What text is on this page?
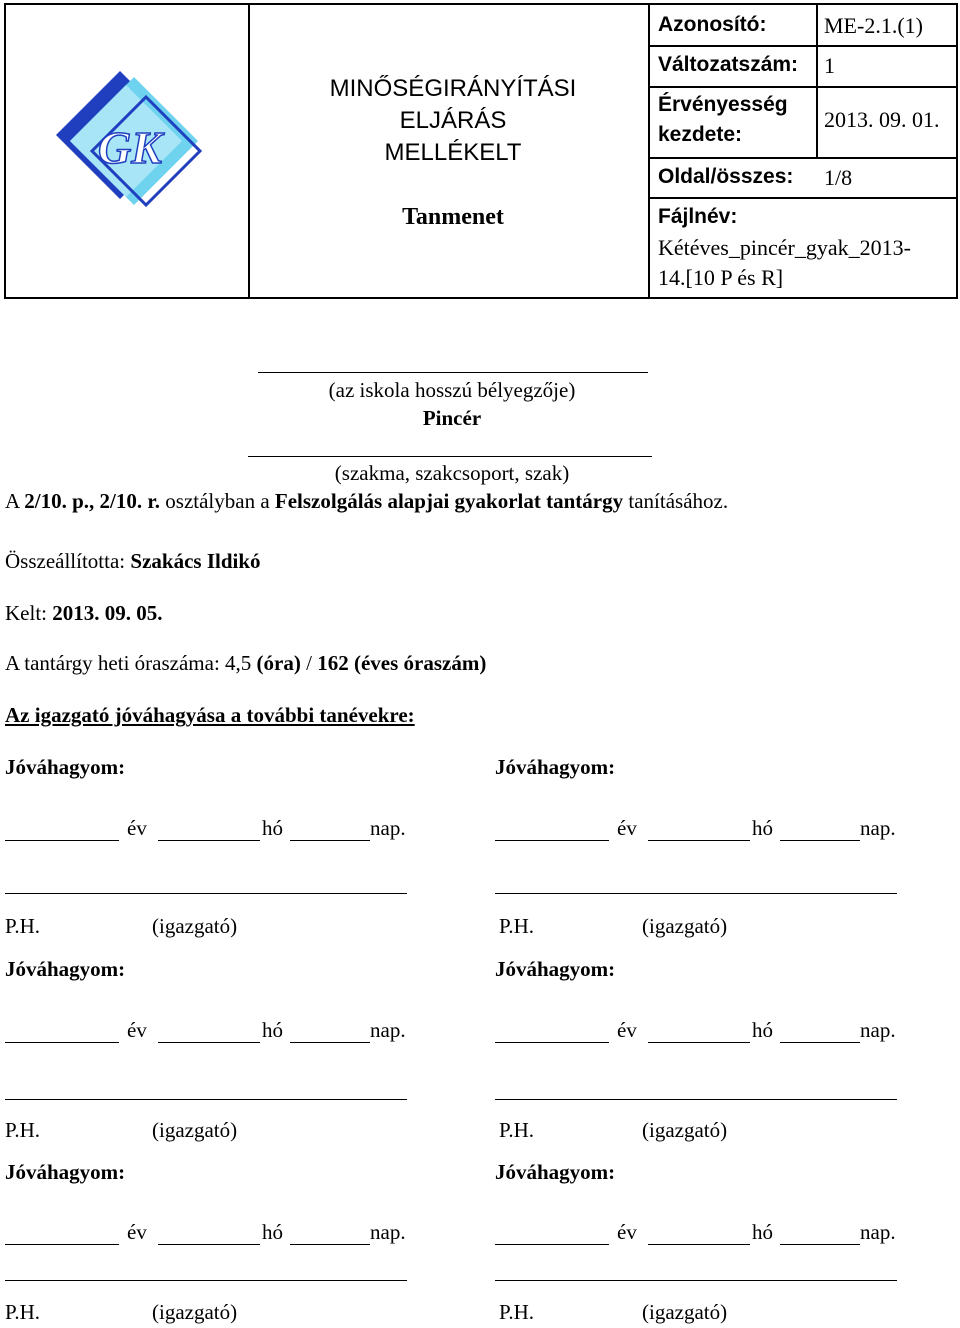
GK
MINŐSÉGIRÁNYÍTÁSI
ELJÁRÁS
MELLÉKELT
Tanmenet
Azonosító:	ME-2.1.(1)
Változatszám: 1
Érvényesség
kezdete:
2013. 09. 01.
Oldal/összes: 1/8
Fájlnév:
Kétéves_pincér_gyak_2013-
14.[10 P és R]
(az iskola hosszú bélyegzője)
Pincér
(szakma, szakcsoport, szak)
A 2/10. p., 2/10. r. osztályban a Felszolgálás alapjai gyakorlat tantárgy tanításához.
Összeállította: Szakács Ildikó
Kelt: 2013. 09. 05.
A tantárgy heti óraszáma: 4,5 (óra) / 162 (éves óraszám)
Az igazgató jóváhagyása a további tanévekre:
Jóváhagyom:
év	hó	nap.
P.H.	(igazgató)
Jóváhagyom:
év	hó	nap.
P.H.	(igazgató)
Jóváhagyom:
év	hó	nap.
P.H.	(igazgató)
Jóváhagyom:
év	hó	nap.
P.H.	(igazgató)
Jóváhagyom:
év	hó	nap.
P.H.	(igazgató)
Jóváhagyom:
év	hó	nap.
P.H.	(igazgató)
